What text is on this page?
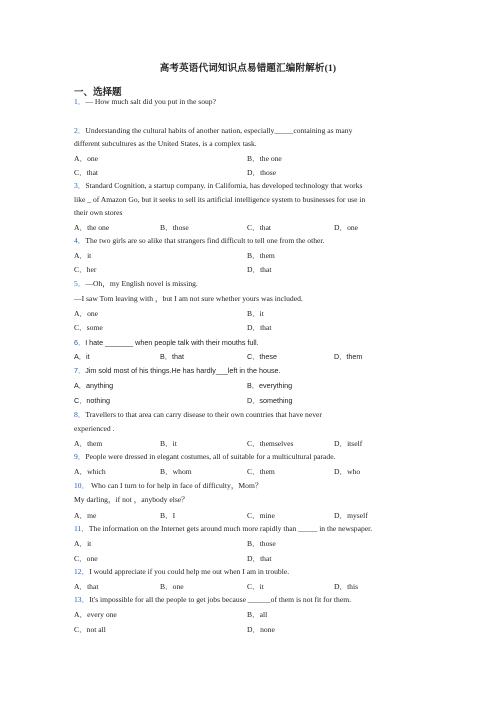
高考英语代词知识点易错题汇编附解析(1)
一、选择题
1．— How much salt did you put in the soup?
2．Understanding the cultural habits of another nation, especially_____containing as many
different subcultures as the United States, is a complex task.
A．one	B．the one
C．that	D．those
3．Standard Cognition, a startup company. in California, has developed technology that works
like _ of Amazon Go, but it seeks to sell its artificial intelligence system to businesses for use in
their own stores
A．the one	B．those	C．that	D．one
4．The two girls are so alike that strangers find difficult to tell one from the other.
A．it	B．them
C．her	D．that
5．—Oh，my English novel is missing.
—I saw Tom leaving with ，but I am not sure whether yours was included.
A．one	B．it
C．some	D．that
6．I hate _______ when people talk with their mouths full.
A．it	B．that	C．these	D．them
7．Jim sold most of his things.He has hardly___left in the house.
A．anything	B．everything
C．nothing	D．something
8．Travellers to that area can carry disease to their own countries that have never
experienced .
A．them	B．it	C．themselves	D．itself
9．People were dressed in elegant costumes, all of suitable for a multicultural parade.
A．which	B．whom	C．them	D．who
10． Who can I turn to for help in face of difficulty，Mom？
My darling，if not ，anybody else？
A．me	B．I	C．mine	D．myself
11．The information on the Internet gets around much more rapidly than _____ in the newspaper.
A．it	B．those
C．one	D．that
12．I would appreciate if you could help me out when I am in trouble.
A．that	B．one	C．it	D．this
13．It's impossible for all the people to get jobs because ______of them is not fit for them.
A．every one	B．all
C．not all	D．none
